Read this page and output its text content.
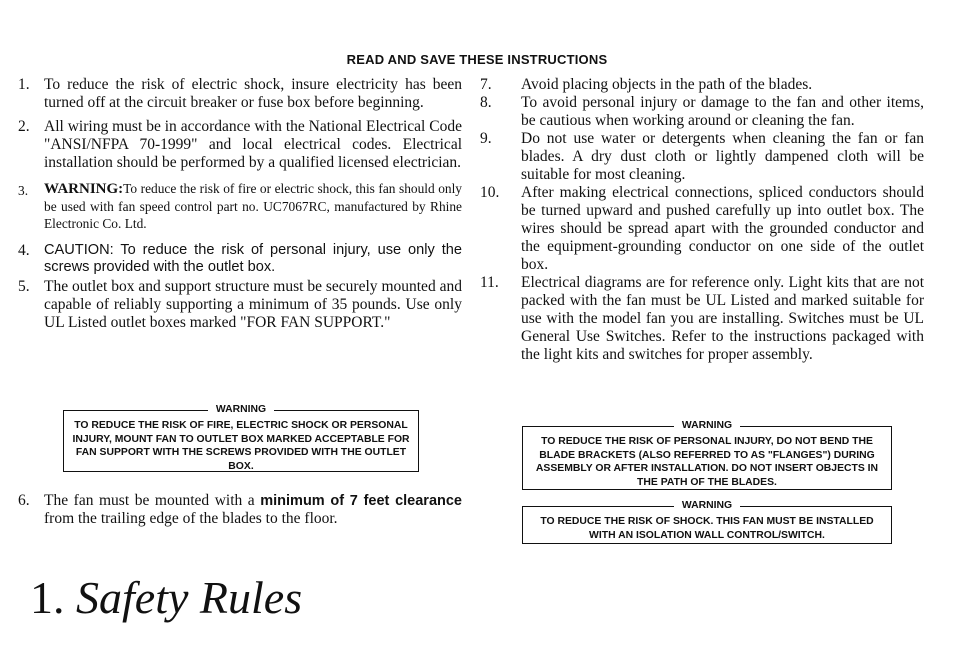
READ AND SAVE THESE INSTRUCTIONS
1. To reduce the risk of electric shock, insure electricity has been turned off at the circuit breaker or fuse box before beginning.
2. All wiring must be in accordance with the National Electrical Code "ANSI/NFPA 70-1999" and local electrical codes. Electrical installation should be performed by a qualified licensed electrician.
3. WARNING:To reduce the risk of fire or electric shock, this fan should only be used with fan speed control part no. UC7067RC, manufactured by Rhine Electronic Co. Ltd.
4. CAUTION: To reduce the risk of personal injury, use only the screws provided with the outlet box.
5. The outlet box and support structure must be securely mounted and capable of reliably supporting a minimum of 35 pounds. Use only UL Listed outlet boxes marked "FOR FAN SUPPORT."
WARNING
TO REDUCE THE RISK OF FIRE, ELECTRIC SHOCK OR PERSONAL INJURY, MOUNT FAN TO OUTLET BOX MARKED ACCEPTABLE FOR FAN SUPPORT WITH THE SCREWS PROVIDED WITH THE OUTLET BOX.
6. The fan must be mounted with a minimum of 7 feet clearance from the trailing edge of the blades to the floor.
7. Avoid placing objects in the path of the blades.
8. To avoid personal injury or damage to the fan and other items, be cautious when working around or cleaning the fan.
9. Do not use water or detergents when cleaning the fan or fan blades. A dry dust cloth or lightly dampened cloth will be suitable for most cleaning.
10. After making electrical connections, spliced conductors should be turned upward and pushed carefully up into outlet box. The wires should be spread apart with the grounded conductor and the equipment-grounding conductor on one side of the outlet box.
11. Electrical diagrams are for reference only. Light kits that are not packed with the fan must be UL Listed and marked suitable for use with the model fan you are installing. Switches must be UL General Use Switches. Refer to the instructions packaged with the light kits and switches for proper assembly.
WARNING
TO REDUCE THE RISK OF PERSONAL INJURY, DO NOT BEND THE BLADE BRACKETS (ALSO REFERRED TO AS "FLANGES") DURING ASSEMBLY OR AFTER INSTALLATION. DO NOT INSERT OBJECTS IN THE PATH OF THE BLADES.
WARNING
TO REDUCE THE RISK OF SHOCK. THIS FAN MUST BE INSTALLED WITH AN ISOLATION WALL CONTROL/SWITCH.
1. Safety Rules
